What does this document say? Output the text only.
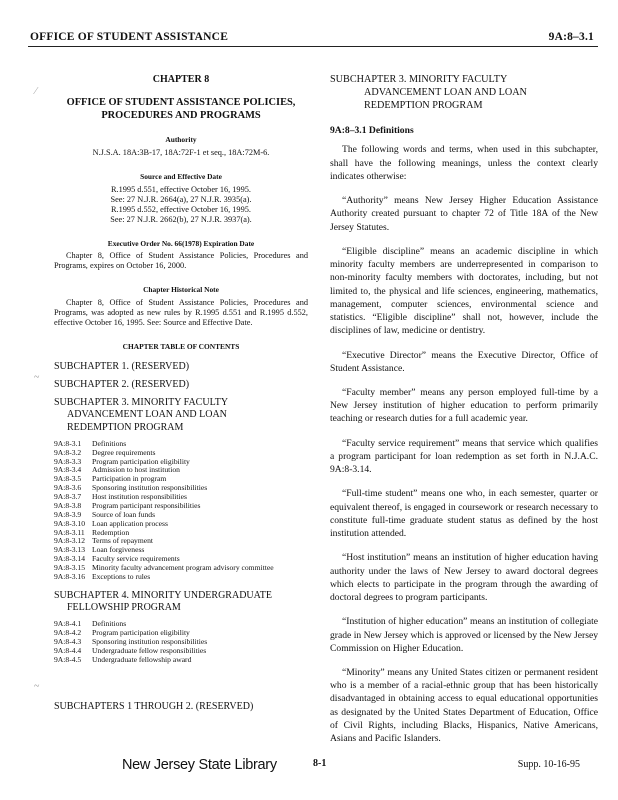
OFFICE OF STUDENT ASSISTANCE	9A:8–3.1
CHAPTER 8
OFFICE OF STUDENT ASSISTANCE POLICIES,
PROCEDURES AND PROGRAMS
Authority
N.J.S.A. 18A:3B-17, 18A:72F-1 et seq., 18A:72M-6.
Source and Effective Date
R.1995 d.551, effective October 16, 1995.
See: 27 N.J.R. 2664(a), 27 N.J.R. 3935(a).
R.1995 d.552, effective October 16, 1995.
See: 27 N.J.R. 2662(b), 27 N.J.R. 3937(a).
Executive Order No. 66(1978) Expiration Date

Chapter 8, Office of Student Assistance Policies, Procedures and Programs, expires on October 16, 2000.

Chapter Historical Note

Chapter 8, Office of Student Assistance Policies, Procedures and Programs, was adopted as new rules by R.1995 d.551 and R.1995 d.552, effective October 16, 1995. See: Source and Effective Date.

CHAPTER TABLE OF CONTENTS
SUBCHAPTER 1. (RESERVED)
SUBCHAPTER 2. (RESERVED)
SUBCHAPTER 3. MINORITY FACULTY
ADVANCEMENT LOAN AND LOAN
REDEMPTION PROGRAM
9A:8-3.1	Definitions
9A:8-3.2	Degree requirements
9A:8-3.3	Program participation eligibility
9A:8-3.4	Admission to host institution
9A:8-3.5	Participation in program
9A:8-3.6	Sponsoring institution responsibilities
9A:8-3.7	Host institution responsibilities
9A:8-3.8	Program participant responsibilities
9A:8-3.9	Source of loan funds
9A:8-3.10 Loan application process
9A:8-3.11 Redemption
9A:8-3.12 Terms of repayment
9A:8-3.13 Loan forgiveness
9A:8-3.14 Faculty service requirements
9A:8-3.15 Minority faculty advancement program advisory committee
9A:8-3.16 Exceptions to rules
SUBCHAPTER 4. MINORITY UNDERGRADUATE
FELLOWSHIP PROGRAM
9A:8-4.1	Definitions
9A:8-4.2	Program participation eligibility
9A:8-4.3	Sponsoring institution responsibilities
9A:8-4.4	Undergraduate fellow responsibilities
9A:8-4.5	Undergraduate fellowship award
SUBCHAPTERS 1 THROUGH 2. (RESERVED)
SUBCHAPTER 3. MINORITY FACULTY
ADVANCEMENT LOAN AND LOAN
REDEMPTION PROGRAM
9A:8–3.1 Definitions

The following words and terms, when used in this subchapter, shall have the following meanings, unless the context clearly indicates otherwise:

“Authority” means New Jersey Higher Education Assistance Authority created pursuant to chapter 72 of Title 18A of the New Jersey Statutes.

“Eligible discipline” means an academic discipline in which minority faculty members are underrepresented in comparison to non-minority faculty members with doctorates, including, but not limited to, the physical and life sciences, engineering, mathematics, management, computer sciences, environmental science and statistics. “Eligible discipline” shall not, however, include the disciplines of law, medicine or dentistry.

“Executive Director” means the Executive Director, Office of Student Assistance.

“Faculty member” means any person employed full-time by a New Jersey institution of higher education to perform primarily teaching or research duties for a full academic year.

“Faculty service requirement” means that service which qualifies a program participant for loan redemption as set forth in N.J.A.C. 9A:8-3.14.

“Full-time student” means one who, in each semester, quarter or equivalent thereof, is engaged in coursework or research necessary to constitute full-time graduate student status as defined by the host institution attended.

“Host institution” means an institution of higher education having authority under the laws of New Jersey to award doctoral degrees which elects to participate in the program through the awarding of doctoral degrees to program participants.

“Institution of higher education” means an institution of collegiate grade in New Jersey which is approved or licensed by the New Jersey Commission on Higher Education.

“Minority” means any United States citizen or permanent resident who is a member of a racial-ethnic group that has been historically disadvantaged in obtaining access to equal educational opportunities as designated by the United States Department of Education, Office of Civil Rights, including Blacks, Hispanics, Native Americans, Asians and Pacific Islanders.

New Jersey State Library	8-1	Supp. 10-16-95
⁄
~
~
